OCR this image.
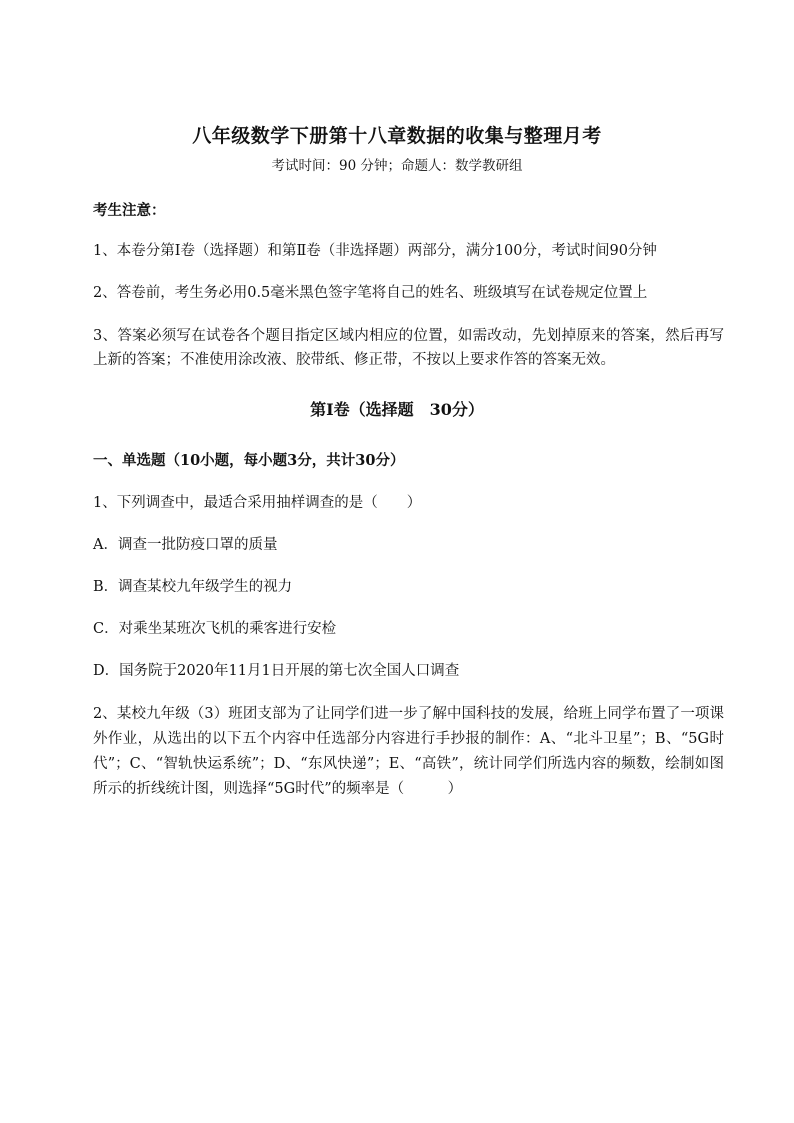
八年级数学下册第十八章数据的收集与整理月考
考试时间：90 分钟；命题人：数学教研组
考生注意：
1、本卷分第Ⅰ卷（选择题）和第Ⅱ卷（非选择题）两部分，满分100分，考试时间90分钟
2、答卷前，考生务必用0.5毫米黑色签字笔将自己的姓名、班级填写在试卷规定位置上
3、答案必须写在试卷各个题目指定区域内相应的位置，如需改动，先划掉原来的答案，然后再写上新的答案；不准使用涂改液、胶带纸、修正带，不按以上要求作答的答案无效。
第Ⅰ卷（选择题　30分）
一、单选题（10小题，每小题3分，共计30分）
1、下列调查中，最适合采用抽样调查的是（　　）
A．调查一批防疫口罩的质量
B．调查某校九年级学生的视力
C．对乘坐某班次飞机的乘客进行安检
D．国务院于2020年11月1日开展的第七次全国人口调查
2、某校九年级（3）班团支部为了让同学们进一步了解中国科技的发展，给班上同学布置了一项课外作业，从选出的以下五个内容中任选部分内容进行手抄报的制作：A、“北斗卫星”；B、“5G时代”；C、“智轨快运系统”；D、“东风快递”；E、“高铁”，统计同学们所选内容的频数，绘制如图所示的折线统计图，则选择“5G时代”的频率是（　　　）
